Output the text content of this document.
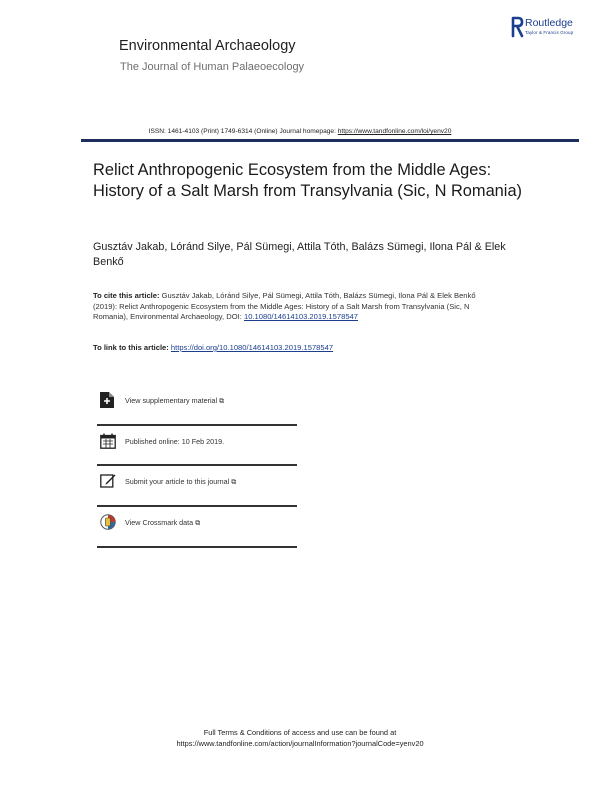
Environmental Archaeology
The Journal of Human Palaeoecology
Routledge
Taylor & Francis Group
ISSN: 1461-4103 (Print) 1749-6314 (Online) Journal homepage: https://www.tandfonline.com/loi/yenv20
Relict Anthropogenic Ecosystem from the Middle Ages: History of a Salt Marsh from Transylvania (Sic, N Romania)
Gusztáv Jakab, Lóránd Silye, Pál Sümegi, Attila Tóth, Balázs Sümegi, Ilona Pál & Elek Benkő
To cite this article: Gusztáv Jakab, Lóránd Silye, Pál Sümegi, Attila Tóth, Balázs Sümegi, Ilona Pál & Elek Benkő (2019): Relict Anthropogenic Ecosystem from the Middle Ages: History of a Salt Marsh from Transylvania (Sic, N Romania), Environmental Archaeology, DOI: 10.1080/14614103.2019.1578547
To link to this article: https://doi.org/10.1080/14614103.2019.1578547
View supplementary material ⧉
Published online: 10 Feb 2019.
Submit your article to this journal ⧉
View Crossmark data ⧉
Full Terms & Conditions of access and use can be found at
https://www.tandfonline.com/action/journalInformation?journalCode=yenv20
